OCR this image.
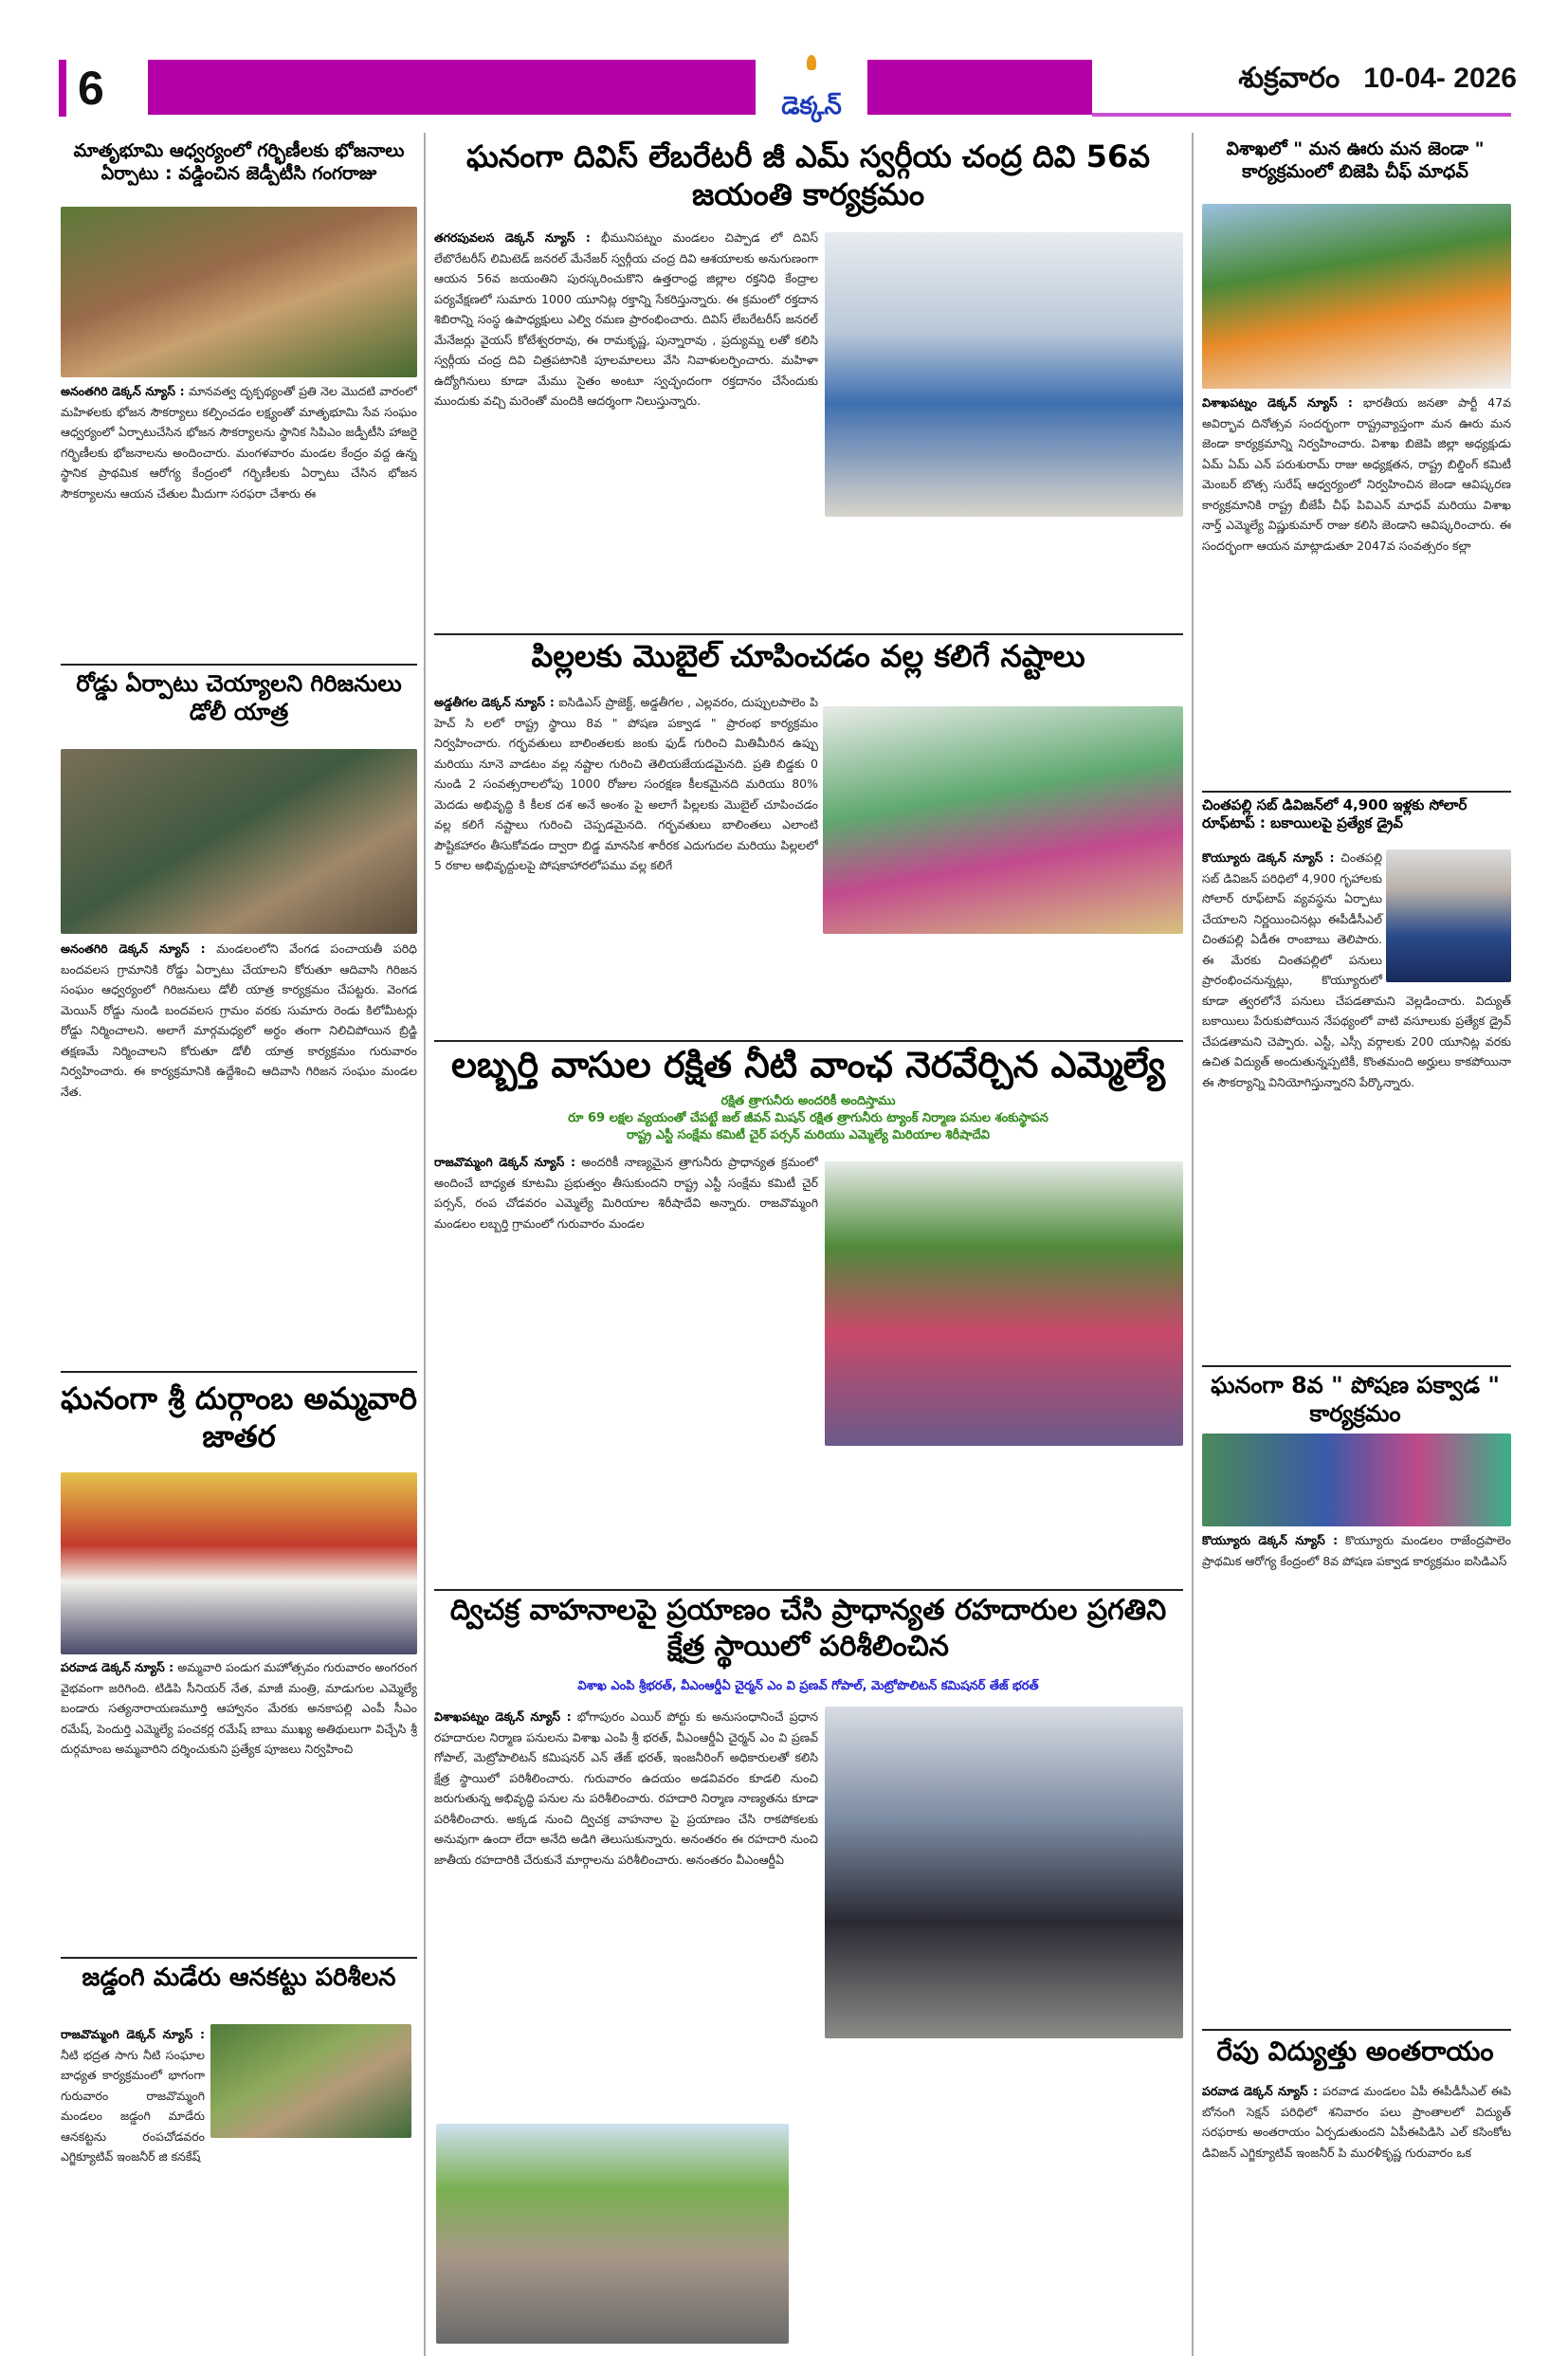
6	డెక్కన్
శుక్రవారం 10-04- 2026
మాతృభూమి ఆధ్వర్యంలో గర్భిణీలకు భోజనాలు ఏర్పాటు : వడ్డించిన జెడ్పీటీసి గంగరాజు
అనంతగిరి డెక్కన్ న్యూస్ : మానవత్వ దృక్పథ్యంతో ప్రతి నెల మొదటి వారంలో మహిళలకు భోజన సౌకర్యాలు కల్పించడం లక్ష్యంతో మాతృభూమి సేవ సంఘం ఆధ్వర్యంలో ఏర్పాటుచేసిన భోజన సౌకర్యాలను స్థానిక సిపిఎం జడ్పీటీసి హాజరై గర్భిణీలకు భోజనాలను అందించారు. మంగళవారం మండల కేంద్రం వద్ద ఉన్న స్థానిక ప్రాథమిక ఆరోగ్య కేంద్రంలో గర్భిణీలకు ఏర్పాటు చేసిన భోజన సౌకర్యాలను ఆయన చేతుల మీదుగా సరఫరా చేశారు ఈ
రోడ్డు ఏర్పాటు చెయ్యాలని గిరిజనులు డోలీ యాత్ర
అనంతగిరి డెక్కన్ న్యూస్ : మండలంలోని వేంగడ పంచాయతీ పరిధి బందవలస గ్రామానికి రోడ్డు ఏర్పాటు చేయాలని కోరుతూ ఆదివాసి గిరిజన సంఘం ఆధ్వర్యంలో గిరిజనులు డోలీ యాత్ర కార్యక్రమం చేపట్టరు. వెంగడ మెయిన్ రోడ్డు నుండి బందవలస గ్రామం వరకు సుమారు రెండు కిలోమీటర్లు రోడ్డు నిర్మించాలని. అలాగే మార్గమధ్యలో అర్ధం తంగా నిలిచిపోయిన బ్రిడ్జి తక్షణమే నిర్మించాలని కోరుతూ డోలీ యాత్ర కార్యక్రమం గురువారం నిర్వహించారు. ఈ కార్యక్రమానికి ఉద్దేశించి ఆదివాసి గిరిజన సంఘం మండల నేత.
ఘనంగా శ్రీ దుర్గాంబ అమ్మవారి జాతర
పరవాడ డెక్కన్ న్యూస్ : అమ్మవారి పండుగ మహోత్సవం గురువారం అంగరంగ వైభవంగా జరిగింది. టిడిపి సీనియర్ నేత, మాజీ మంత్రి, మాడుగుల ఎమ్మెల్యే బండారు సత్యనారాయణమూర్తి ఆహ్వానం మేరకు అనకాపల్లి ఎంపీ సీఎం రమేష్, పెందుర్తి ఎమ్మెల్యే పంచకర్ల రమేష్ బాబు ముఖ్య అతిథులుగా విచ్చేసి శ్రీ దుర్గమాంబ అమ్మవారిని దర్శించుకుని ప్రత్యేక పూజలు నిర్వహించి
జడ్డంగి మడేరు ఆనకట్టు పరిశీలన
రాజవొమ్మంగి డెక్కన్ న్యూస్ : నీటి భద్రత సాగు నీటి సంఘాల బాధ్యత కార్యక్రమంలో భాగంగా గురువారం రాజవొమ్మంగి మండలం జడ్డంగి మాడేరు ఆనకట్టను రంపచోడవరం ఎగ్జిక్యూటివ్ ఇంజనీర్ జి కనకేష్
ఘనంగా దివిస్ లేబరేటరీ జీ ఎమ్ స్వర్గీయ చంద్ర దివి 56వ జయంతి కార్యక్రమం
తగరపువలస డెక్కన్ న్యూస్ : భీమునిపట్నం మండలం చిప్పాడ లో దివిస్ లేబొరేటరీస్ లిమిటెడ్ జనరల్ మేనేజర్ స్వర్గీయ చంద్ర దివి ఆశయాలకు అనుగుణంగా ఆయన 56వ జయంతిని పురస్కరించుకొని ఉత్తరాంధ్ర జిల్లాల రక్తనిధి కేంద్రాల పర్యవేక్షణలో సుమారు 1000 యూనిట్ల రక్తాన్ని సేకరిస్తున్నారు. ఈ క్రమంలో రక్తదాన శిబిరాన్ని సంస్థ ఉపాధ్యక్షులు ఎల్వి రమణ ప్రారంభించారు. దివిస్ లేబరేటరీస్ జనరల్ మేనేజర్లు వైయస్ కోటేశ్వరరావు, ఈ రామకృష్ణ, పున్నారావు , ప్రద్యుమ్న లతో కలిసి స్వర్గీయ చంద్ర దివి చిత్రపటానికి పూలమాలలు వేసి నివాళులర్పించారు. మహిళా ఉద్యోగినులు కూడా మేము సైతం అంటూ స్వచ్ఛందంగా రక్తదానం చేసేందుకు ముందుకు వచ్చి మరెంతో మందికి ఆదర్శంగా నిలుస్తున్నారు.
పిల్లలకు మొబైల్ చూపించడం వల్ల కలిగే నష్టాలు
అడ్డతీగల డెక్కన్ న్యూస్ : ఐసిడిఎస్ ప్రాజెక్ట్, అడ్డతీగల , ఎల్లవరం, దుప్పులపాలెం పి హెచ్ సి లలో రాష్ట్ర స్థాయి 8వ " పోషణ పక్వాడ " ప్రారంభ కార్యక్రమం నిర్వహించారు. గర్భవతులు బాలింతలకు జంకు ఫుడ్ గురించి మితిమీరిన ఉప్పు మరియు నూనె వాడటం వల్ల నష్టాల గురించి తెలియజేయడమైనది. ప్రతి బిడ్డకు 0 నుండి 2 సంవత్సరాలలోపు 1000 రోజుల సంరక్షణ కీలకమైనది మరియు 80% మెదడు అభివృద్ధి కి కీలక దశ అనే అంశం పై అలాగే పిల్లలకు మొబైల్ చూపించడం వల్ల కలిగే నష్టాలు గురించి చెప్పడమైనది. గర్భవతులు బాలింతలు ఎలాంటి పౌష్టికహారం తీసుకోవడం ద్వారా బిడ్డ మానసిక శారీరక ఎదుగుదల మరియు పిల్లలలో 5 రకాల అభివృద్దులపై పోషకాహారలోపము వల్ల కలిగే
లబ్బర్తి వాసుల రక్షిత నీటి వాంఛ నెరవేర్చిన ఎమ్మెల్యే
రక్షిత త్రాగునీరు అందరికీ అందిస్తాము
రూ 69 లక్షల వ్యయంతో చేపట్టే జల్ జీవన్ మిషన్ రక్షిత త్రాగునీరు ట్యాంక్ నిర్మాణ పనుల శంకుస్థాపన
రాష్ట్ర ఎస్టీ సంక్షేమ కమిటీ చైర్ పర్సన్ మరియు ఎమ్మెల్యే మిరియాల శిరీషాదేవి
రాజవొమ్మంగి డెక్కన్ న్యూస్ : అందరికీ నాణ్యమైన త్రాగునీరు ప్రాధాన్యత క్రమంలో అందించే బాధ్యత కూటమి ప్రభుత్వం తీసుకుందని రాష్ట్ర ఎస్టీ సంక్షేమ కమిటీ చైర్ పర్సన్, రంప చోడవరం ఎమ్మెల్యే మిరియాల శిరీషాదేవి అన్నారు. రాజవొమ్మంగి మండలం లబ్బర్తి గ్రామంలో గురువారం మండల
ద్విచక్ర వాహనాలపై ప్రయాణం చేసి ప్రాధాన్యత రహదారుల ప్రగతిని క్షేత్ర స్థాయిలో పరిశీలించిన
విశాఖ ఎంపి శ్రీభరత్, వీఎంఆర్డీఏ చైర్మన్ ఎం వి ప్రణవ్ గోపాల్, మెట్రోపొలిటన్ కమిషనర్ తేజ్ భరత్
విశాఖపట్నం డెక్కన్ న్యూస్ : భోగాపురం ఎయిర్ పోర్టు కు అనుసంధానించే ప్రధాన రహదారుల నిర్మాణ పనులను విశాఖ ఎంపి శ్రీ భరత్, వీఎంఆర్డీఏ చైర్మన్ ఎం వి ప్రణవ్ గోపాల్, మెట్రోపాలిటన్ కమిషనర్ ఎన్ తేజ్ భరత్, ఇంజనీరింగ్ అధికారులతో కలిసి క్షేత్ర స్థాయిలో పరిశీలించారు. గురువారం ఉదయం అడవివరం కూడలి నుంచి జరుగుతున్న అభివృద్ధి పనుల ను పరిశీలించారు. రహదారి నిర్మాణ నాణ్యతను కూడా పరిశీలించారు. అక్కడ నుంచి ద్విచక్ర వాహనాల పై ప్రయాణం చేసి రాకపోకలకు అనువుగా ఉందా లేదా అనేది అడిగి తెలుసుకున్నారు. అనంతరం ఈ రహదారి నుంచి జాతీయ రహదారికి చేరుకునే మార్గాలను పరిశీలించారు. అనంతరం వీఎంఆర్డీఏ
విశాఖలో " మన ఊరు మన జెండా " కార్యక్రమంలో బిజెపి చీఫ్ మాధవ్
విశాఖపట్నం డెక్కన్ న్యూస్ : భారతీయ జనతా పార్టీ 47వ అవిర్భావ దినోత్సవ సందర్భంగా రాష్ట్రవ్యాప్తంగా మన ఊరు మన జెండా కార్యక్రమాన్ని నిర్వహించారు. విశాఖ బిజెపి జిల్లా అధ్యక్షుడు ఏమ్ ఏమ్ ఎన్ పరుశురామ్ రాజు అధ్యక్షతన, రాష్ట్ర బిల్డింగ్ కమిటీ మెంబర్ బొత్స సురేష్ ఆధ్వర్యంలో నిర్వహించిన జెండా ఆవిష్కరణ కార్యక్రమానికి రాష్ట్ర బీజేపీ చీఫ్ పివిఎన్ మాధవ్ మరియు విశాఖ నార్త్ ఎమ్మెల్యే విష్ణుకుమార్ రాజు కలిసి జెండాని ఆవిష్కరించారు. ఈ సందర్భంగా ఆయన మాట్లాడుతూ 2047వ సంవత్సరం కల్లా
చింతపల్లి సబ్ డివిజన్‌లో 4,900 ఇళ్లకు సోలార్ రూఫ్‌టాప్ : బకాయిలపై ప్రత్యేక డ్రైవ్
కొయ్యూరు డెక్కన్ న్యూస్ : చింతపల్లి సబ్ డివిజన్ పరిధిలో 4,900 గృహాలకు సోలార్ రూఫ్‌టాప్ వ్యవస్థను ఏర్పాటు చేయాలని నిర్ణయించినట్లు ఈపీడీసీఎల్ చింతపల్లి ఏడీఈ రాంబాబు తెలిపారు. ఈ మేరకు చింతపల్లిలో పనులు ప్రారంభించనున్నట్లు, కొయ్యూరులో కూడా త్వరలోనే పనులు చేపడతామని వెల్లడించారు. విద్యుత్ బకాయిలు పేరుకుపోయిన నేపథ్యంలో వాటి వసూలుకు ప్రత్యేక డ్రైవ్ చేపడతామని చెప్పారు. ఎస్టీ, ఎస్సీ వర్గాలకు 200 యూనిట్ల వరకు ఉచిత విద్యుత్ అందుతున్నప్పటికీ, కొంతమంది అర్హులు కాకపోయినా ఈ సౌకర్యాన్ని వినియోగిస్తున్నారని పేర్కొన్నారు.
ఘనంగా 8వ " పోషణ పక్వాడ " కార్యక్రమం
కొయ్యూరు డెక్కన్ న్యూస్ : కొయ్యూరు మండలం రాజేంద్రపాలెం ప్రాథమిక ఆరోగ్య కేంద్రంలో 8వ పోషణ పక్వాడ కార్యక్రమం ఐసిడిఎస్
రేపు విద్యుత్తు అంతరాయం
పరవాడ డెక్కన్ న్యూస్ : పరవాడ మండలం ఏపీ ఈపీడీసీఎల్ ఈపి బోనంగి సెక్షన్ పరిధిలో శనివారం పలు ప్రాంతాలలో విద్యుత్ సరఫరాకు అంతరాయం ఏర్పడుతుందని ఏపీఈపిడిసి ఎల్ కసింకోట డివిజన్ ఎగ్జిక్యూటివ్ ఇంజనీర్ పి మురళీకృష్ణ గురువారం ఒక
